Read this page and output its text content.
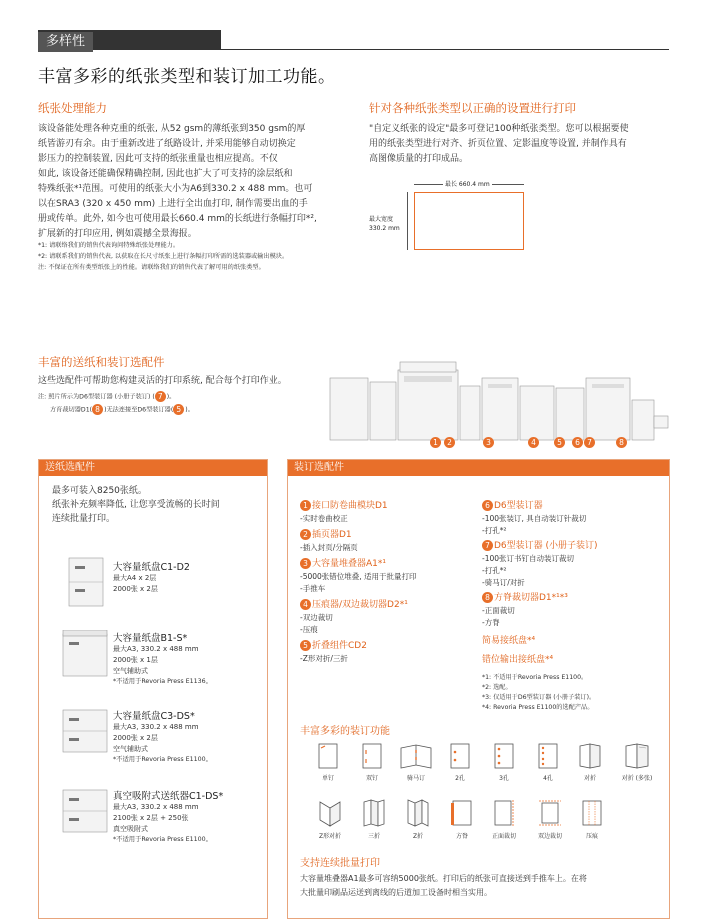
多样性
丰富多彩的纸张类型和装订加工功能。
纸张处理能力
该设备能处理各种克重的纸张, 从52 gsm的薄纸张到350 gsm的厚
纸皆游刃有余。由于重新改进了纸路设计, 并采用能够自动切换定
影压力的控制装置, 因此可支持的纸张重量也相应提高。不仅
如此, 该设备还能确保精确控制, 因此也扩大了可支持的涂层纸和
特殊纸张*¹范围。可使用的纸张大小为A6到330.2 x 488 mm。也可
以在SRA3 (320 x 450 mm) 上进行全出血打印, 制作需要出血的手
册或传单。此外, 如今也可使用最长660.4 mm的长纸进行条幅打印*²,
扩展新的打印应用, 例如震撼全景海报。
*1: 请联络我们的销售代表询问特殊纸张处理能力。
*2: 请联系我们的销售代表, 以获取在长尺寸纸张上进行条幅打印所需的选装器或输出模块。
注: 不保证在所有类型纸张上的性能。请联络我们的销售代表了解可用的纸张类型。
针对各种纸张类型以正确的设置进行打印
"自定义纸张的设定"最多可登记100种纸张类型。您可以根据要使
用的纸张类型进行对齐、折页位置、定影温度等设置, 并制作具有
高图像质量的打印成品。
最长 660.4 mm
最大宽度
330.2 mm
丰富的送纸和装订选配件
这些选配件可帮助您构建灵活的打印系统, 配合每个打印作业。
注: 照片所示为D6型装订器 (小册子装订) ( 7 )。
方育裁切器D1( 8 )无法连接至D6型装订器( 5 )。
1	2	3	4	5	6 7	8
送纸选配件
最多可装入8250张纸。
纸张补充频率降低, 让您享受流畅的长时间
连续批量打印。
大容量纸盘C1-D2
最大A4 x 2层
2000张 x 2层
大容量纸盘B1-S*
最大A3, 330.2 x 488 mm
2000张 x 1层
空气辅助式
*不适用于Revoria Press E1136。
大容量纸盘C3-DS*
最大A3, 330.2 x 488 mm
2000张 x 2层
空气辅助式
*不适用于Revoria Press E1100。
真空吸附式送纸器C1-DS*
最大A3, 330.2 x 488 mm
2100张 x 2层 + 250张
真空吸附式
*不适用于Revoria Press E1100。
装订选配件
1 接口防卷曲模块D1
-实时卷曲校正
2 插页器D1
-插入封页/分隔页
3 大容量堆叠器A1*¹
-5000张错位堆叠, 适用于批量打印
-手推车
4 压痕器/双边裁切器D2*¹
-双边裁切
-压痕
5 折叠组件CD2
-Z形对折/三折
6 D6型装订器
-100张装订, 具自动装订针裁切
-打孔*²
7 D6型装订器 (小册子装订)
-100张订书钉自动装订裁切
-打孔*²
-骑马订/对折
8 方脊裁切器D1*¹*³
-正面裁切
-方脊
简易接纸盘*⁴
错位输出接纸盘*⁴
*1: 不适用于Revoria Press E1100。
*2: 选配。
*3: 仅适用于D6型装订器 (小册子装订)。
*4: Revoria Press E1100的选配产品。
丰富多彩的装订功能
单钉	双钉	骑马订	2孔	3孔	4孔	对折	对折 (多张)
Z形对折	三折	Z折	方脊	正面裁切	双边裁切	压痕
支持连续批量打印
大容量堆叠器A1最多可容纳5000张纸。打印后的纸张可直接送到手推车上。在将
大批量印刷品运送到离线的后道加工设备时相当实用。
